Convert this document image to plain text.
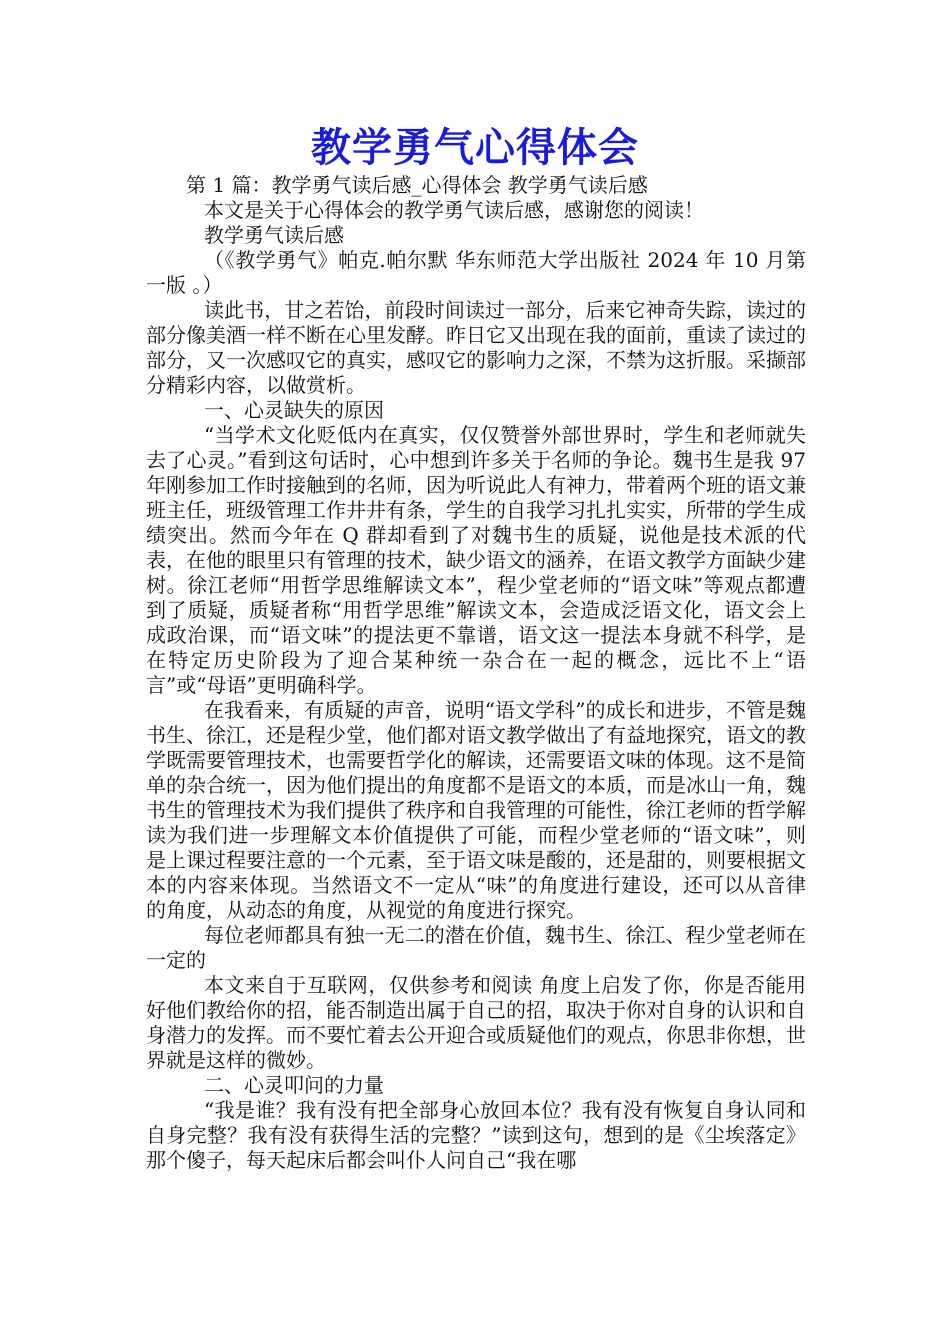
教学勇气心得体会

第 1 篇：教学勇气读后感_心得体会 教学勇气读后感

本文是关于心得体会的教学勇气读后感，感谢您的阅读！

教学勇气读后感

（《教学勇气》帕克.帕尔默 华东师范大学出版社 2024 年 10 月第一版 。）

读此书，甘之若饴，前段时间读过一部分，后来它神奇失踪，读过的部分像美酒一样不断在心里发酵。昨日它又出现在我的面前，重读了读过的部分，又一次感叹它的真实，感叹它的影响力之深，不禁为这折服。采撷部分精彩内容，以做赏析。

一、心灵缺失的原因

“当学术文化贬低内在真实，仅仅赞誉外部世界时，学生和老师就失去了心灵。”看到这句话时，心中想到许多关于名师的争论。魏书生是我 97 年刚参加工作时接触到的名师，因为听说此人有神力，带着两个班的语文兼班主任，班级管理工作井井有条，学生的自我学习扎扎实实，所带的学生成绩突出。然而今年在 Q 群却看到了对魏书生的质疑，说他是技术派的代表，在他的眼里只有管理的技术，缺少语文的涵养，在语文教学方面缺少建树。徐江老师“用哲学思维解读文本”，程少堂老师的“语文味”等观点都遭到了质疑，质疑者称“用哲学思维”解读文本，会造成泛语文化，语文会上成政治课，而“语文味”的提法更不靠谱，语文这一提法本身就不科学，是在特定历史阶段为了迎合某种统一杂合在一起的概念，远比不上“语言”或“母语”更明确科学。

在我看来，有质疑的声音，说明“语文学科”的成长和进步，不管是魏书生、徐江，还是程少堂，他们都对语文教学做出了有益地探究，语文的教学既需要管理技术，也需要哲学化的解读，还需要语文味的体现。这不是简单的杂合统一，因为他们提出的角度都不是语文的本质，而是冰山一角，魏书生的管理技术为我们提供了秩序和自我管理的可能性，徐江老师的哲学解读为我们进一步理解文本价值提供了可能，而程少堂老师的“语文味”，则是上课过程要注意的一个元素，至于语文味是酸的，还是甜的，则要根据文本的内容来体现。当然语文不一定从“味”的角度进行建设，还可以从音律的角度，从动态的角度，从视觉的角度进行探究。

每位老师都具有独一无二的潜在价值，魏书生、徐江、程少堂老师在一定的

本文来自于互联网，仅供参考和阅读 角度上启发了你，你是否能用好他们教给你的招，能否制造出属于自己的招，取决于你对自身的认识和自身潜力的发挥。而不要忙着去公开迎合或质疑他们的观点，你思非你想，世界就是这样的微妙。

二、心灵叩问的力量

“我是谁？我有没有把全部身心放回本位？我有没有恢复自身认同和自身完整？我有没有获得生活的完整？”读到这句，想到的是《尘埃落定》那个傻子，每天起床后都会叫仆人问自己“我在哪
